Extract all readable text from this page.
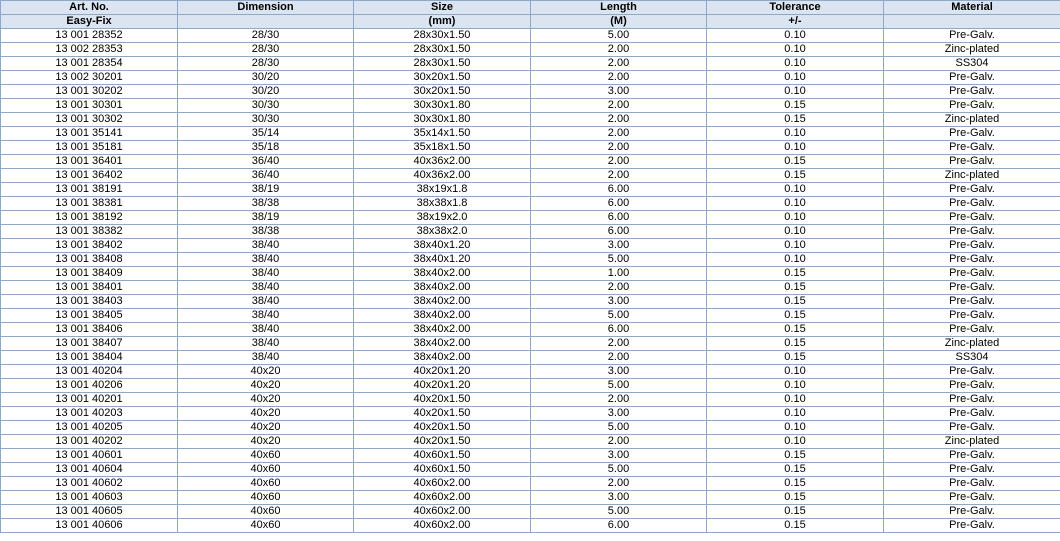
Art. No.	Dimension	Size	Length	Tolerance	Material
Easy-Fix		(mm)	(M)	+/-	
13 001 28352	28/30	28x30x1.50	5.00	0.10	Pre-Galv.
13 002 28353	28/30	28x30x1.50	2.00	0.10	Zinc-plated
13 001 28354	28/30	28x30x1.50	2.00	0.10	SS304
13 002 30201	30/20	30x20x1.50	2.00	0.10	Pre-Galv.
13 001 30202	30/20	30x20x1.50	3.00	0.10	Pre-Galv.
13 001 30301	30/30	30x30x1.80	2.00	0.15	Pre-Galv.
13 001 30302	30/30	30x30x1.80	2.00	0.15	Zinc-plated
13 001 35141	35/14	35x14x1.50	2.00	0.10	Pre-Galv.
13 001 35181	35/18	35x18x1.50	2.00	0.10	Pre-Galv.
13 001 36401	36/40	40x36x2.00	2.00	0.15	Pre-Galv.
13 001 36402	36/40	40x36x2.00	2.00	0.15	Zinc-plated
13 001 38191	38/19	38x19x1.8	6.00	0.10	Pre-Galv.
13 001 38381	38/38	38x38x1.8	6.00	0.10	Pre-Galv.
13 001 38192	38/19	38x19x2.0	6.00	0.10	Pre-Galv.
13 001 38382	38/38	38x38x2.0	6.00	0.10	Pre-Galv.
13 001 38402	38/40	38x40x1.20	3.00	0.10	Pre-Galv.
13 001 38408	38/40	38x40x1.20	5.00	0.10	Pre-Galv.
13 001 38409	38/40	38x40x2.00	1.00	0.15	Pre-Galv.
13 001 38401	38/40	38x40x2.00	2.00	0.15	Pre-Galv.
13 001 38403	38/40	38x40x2.00	3.00	0.15	Pre-Galv.
13 001 38405	38/40	38x40x2.00	5.00	0.15	Pre-Galv.
13 001 38406	38/40	38x40x2.00	6.00	0.15	Pre-Galv.
13 001 38407	38/40	38x40x2.00	2.00	0.15	Zinc-plated
13 001 38404	38/40	38x40x2.00	2.00	0.15	SS304
13 001 40204	40x20	40x20x1.20	3.00	0.10	Pre-Galv.
13 001 40206	40x20	40x20x1.20	5.00	0.10	Pre-Galv.
13 001 40201	40x20	40x20x1.50	2.00	0.10	Pre-Galv.
13 001 40203	40x20	40x20x1.50	3.00	0.10	Pre-Galv.
13 001 40205	40x20	40x20x1.50	5.00	0.10	Pre-Galv.
13 001 40202	40x20	40x20x1.50	2.00	0.10	Zinc-plated
13 001 40601	40x60	40x60x1.50	3.00	0.15	Pre-Galv.
13 001 40604	40x60	40x60x1.50	5.00	0.15	Pre-Galv.
13 001 40602	40x60	40x60x2.00	2.00	0.15	Pre-Galv.
13 001 40603	40x60	40x60x2.00	3.00	0.15	Pre-Galv.
13 001 40605	40x60	40x60x2.00	5.00	0.15	Pre-Galv.
13 001 40606	40x60	40x60x2.00	6.00	0.15	Pre-Galv.
